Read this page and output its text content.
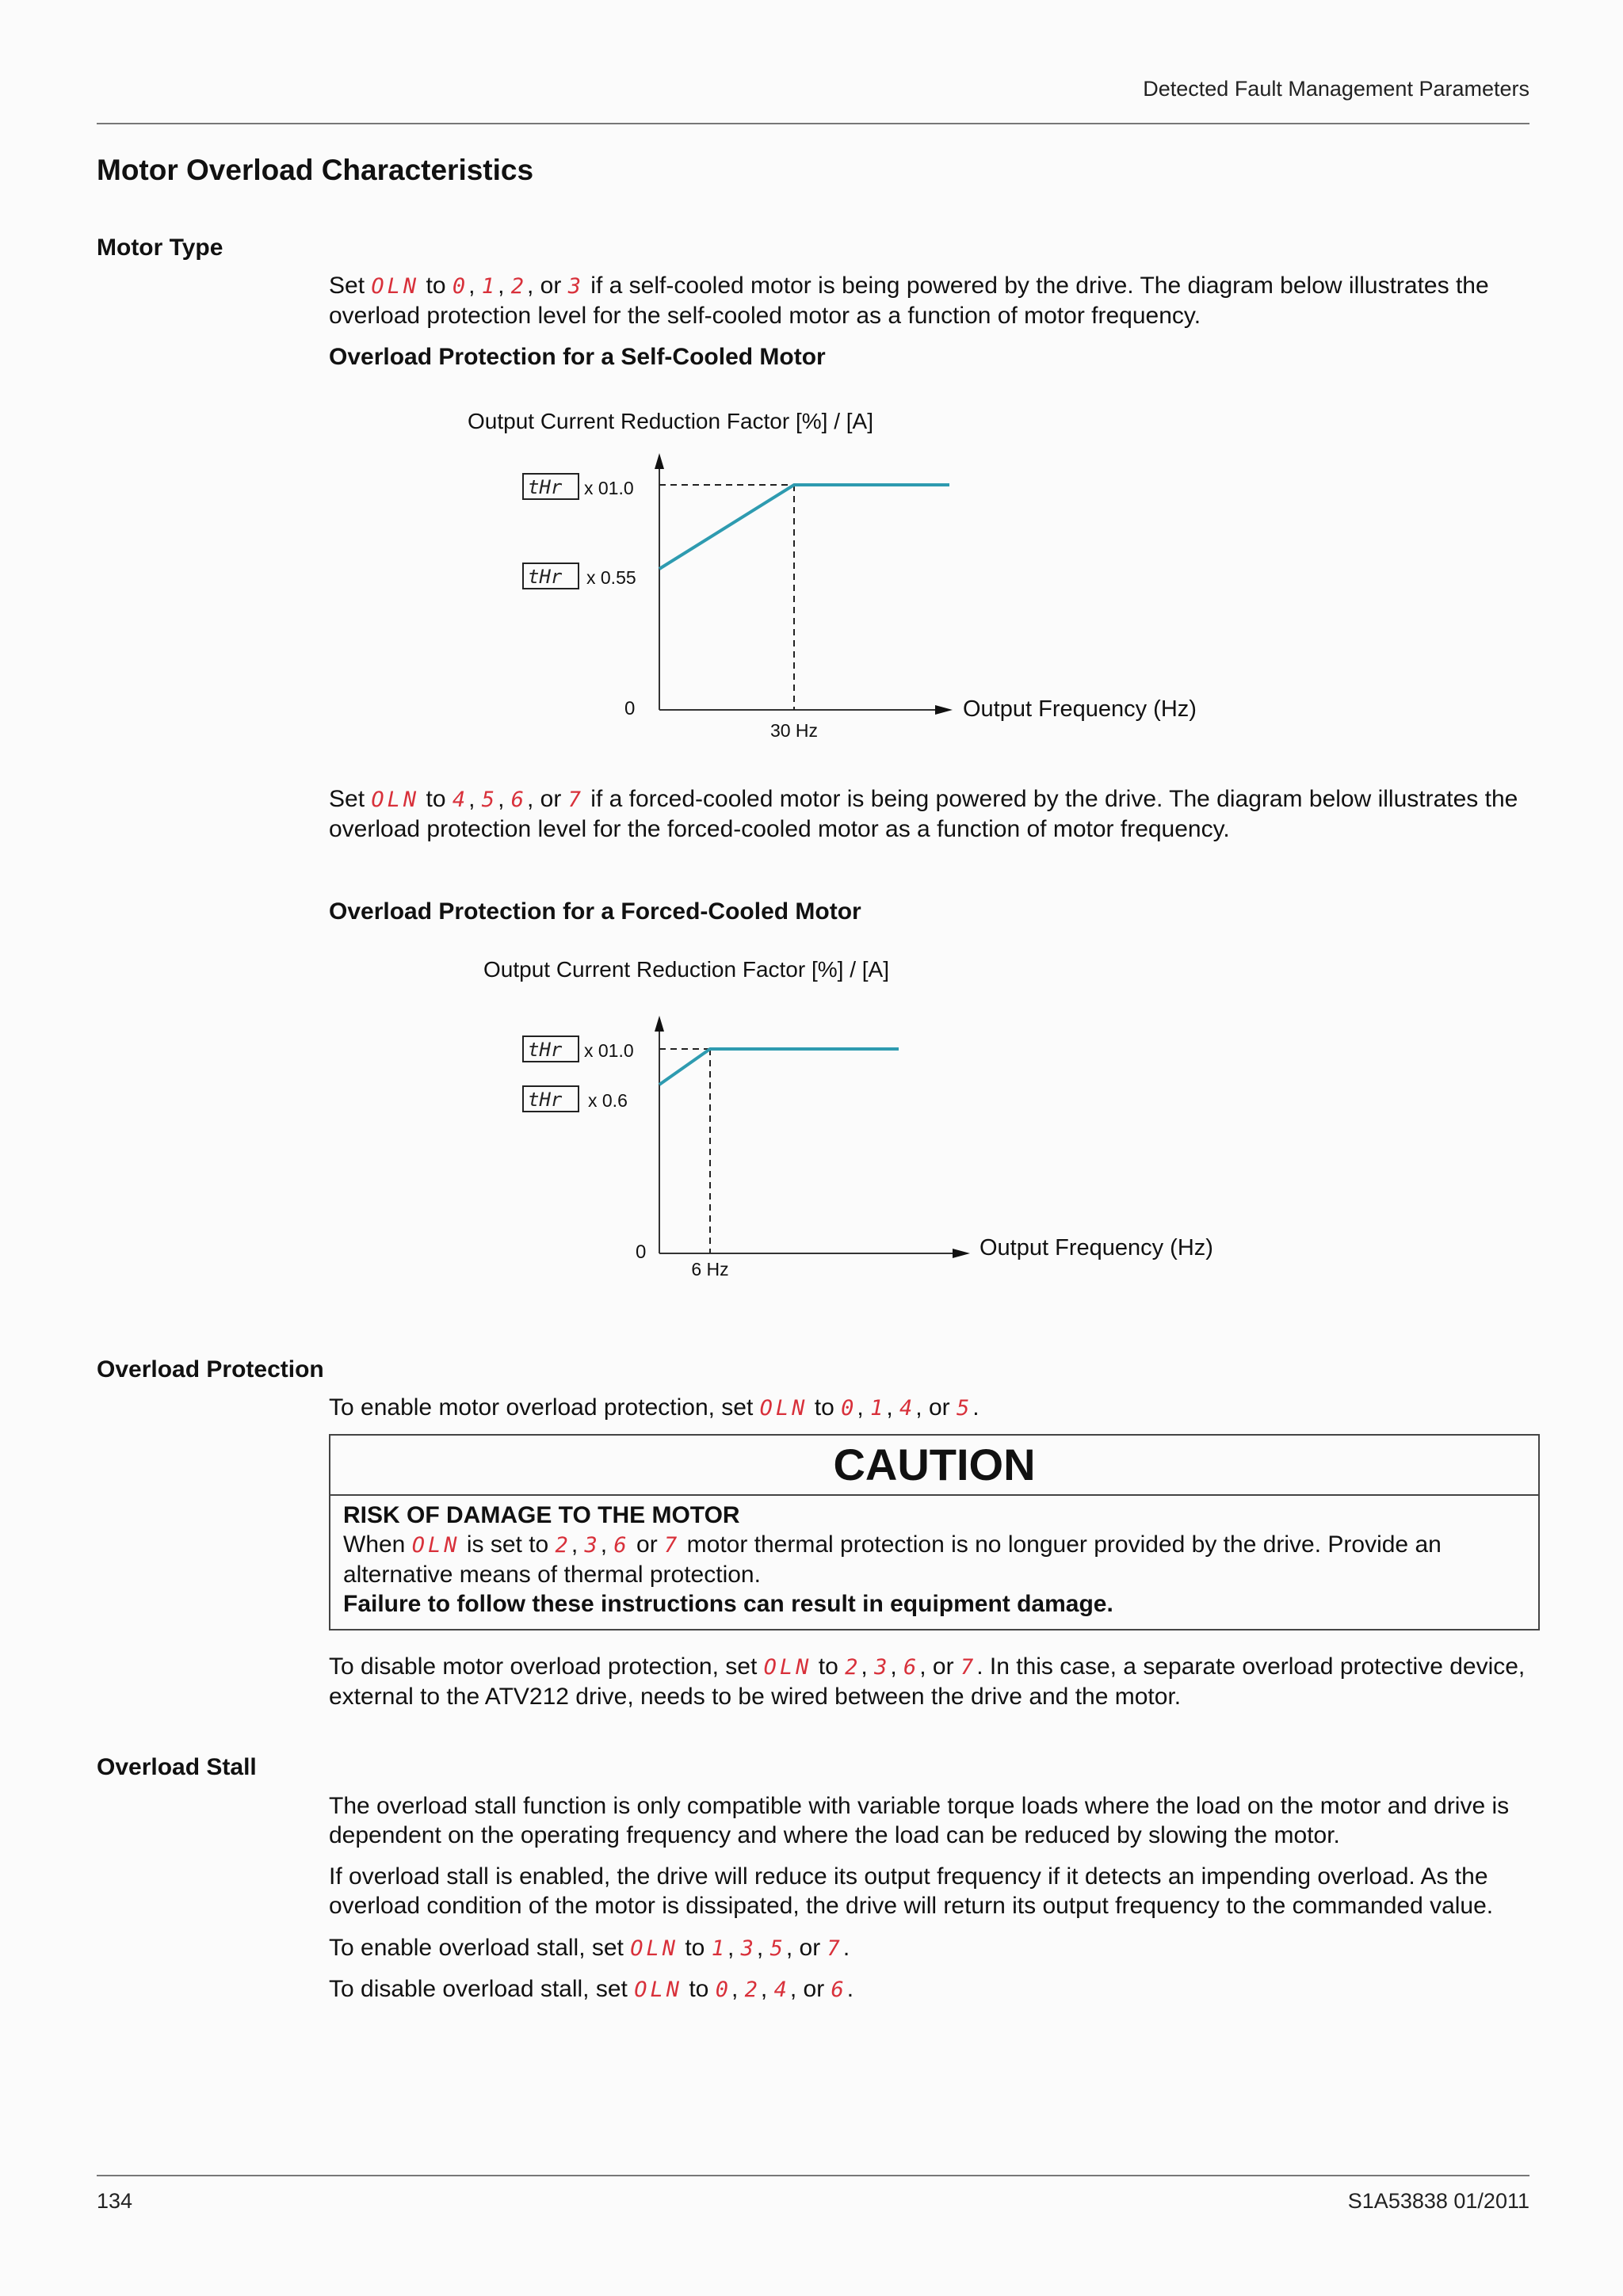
Detected Fault Management Parameters
Motor Overload Characteristics
Motor Type
Set OLN to 0, 1, 2, or 3 if a self-cooled motor is being powered by the drive. The diagram below illustrates the overload protection level for the self-cooled motor as a function of motor frequency.
Overload Protection for a Self-Cooled Motor
Output Current Reduction Factor [%] / [A]
Output Frequency (Hz)
0
30 Hz
tHr x 01.0
tHr x 0.55
Set OLN to 4, 5, 6, or 7 if a forced-cooled motor is being powered by the drive. The diagram below illustrates the overload protection level for the forced-cooled motor as a function of motor frequency.
Overload Protection for a Forced-Cooled Motor
Output Current Reduction Factor [%] / [A]
Output Frequency (Hz)
0
6 Hz
tHr x 01.0
tHr x 0.6
Overload Protection
To enable motor overload protection, set OLN to 0, 1, 4, or 5.
CAUTION
RISK OF DAMAGE TO THE MOTOR
When OLN is set to 2, 3, 6 or 7 motor thermal protection is no longuer provided by the drive. Provide an alternative means of thermal protection.
Failure to follow these instructions can result in equipment damage.
To disable motor overload protection, set OLN to 2, 3, 6, or 7. In this case, a separate overload protective device, external to the ATV212 drive, needs to be wired between the drive and the motor.
Overload Stall
The overload stall function is only compatible with variable torque loads where the load on the motor and drive is dependent on the operating frequency and where the load can be reduced by slowing the motor.
If overload stall is enabled, the drive will reduce its output frequency if it detects an impending overload. As the overload condition of the motor is dissipated, the drive will return its output frequency to the commanded value.
To enable overload stall, set OLN to 1, 3, 5, or 7.
To disable overload stall, set OLN to 0, 2, 4, or 6.
134	S1A53838 01/2011
